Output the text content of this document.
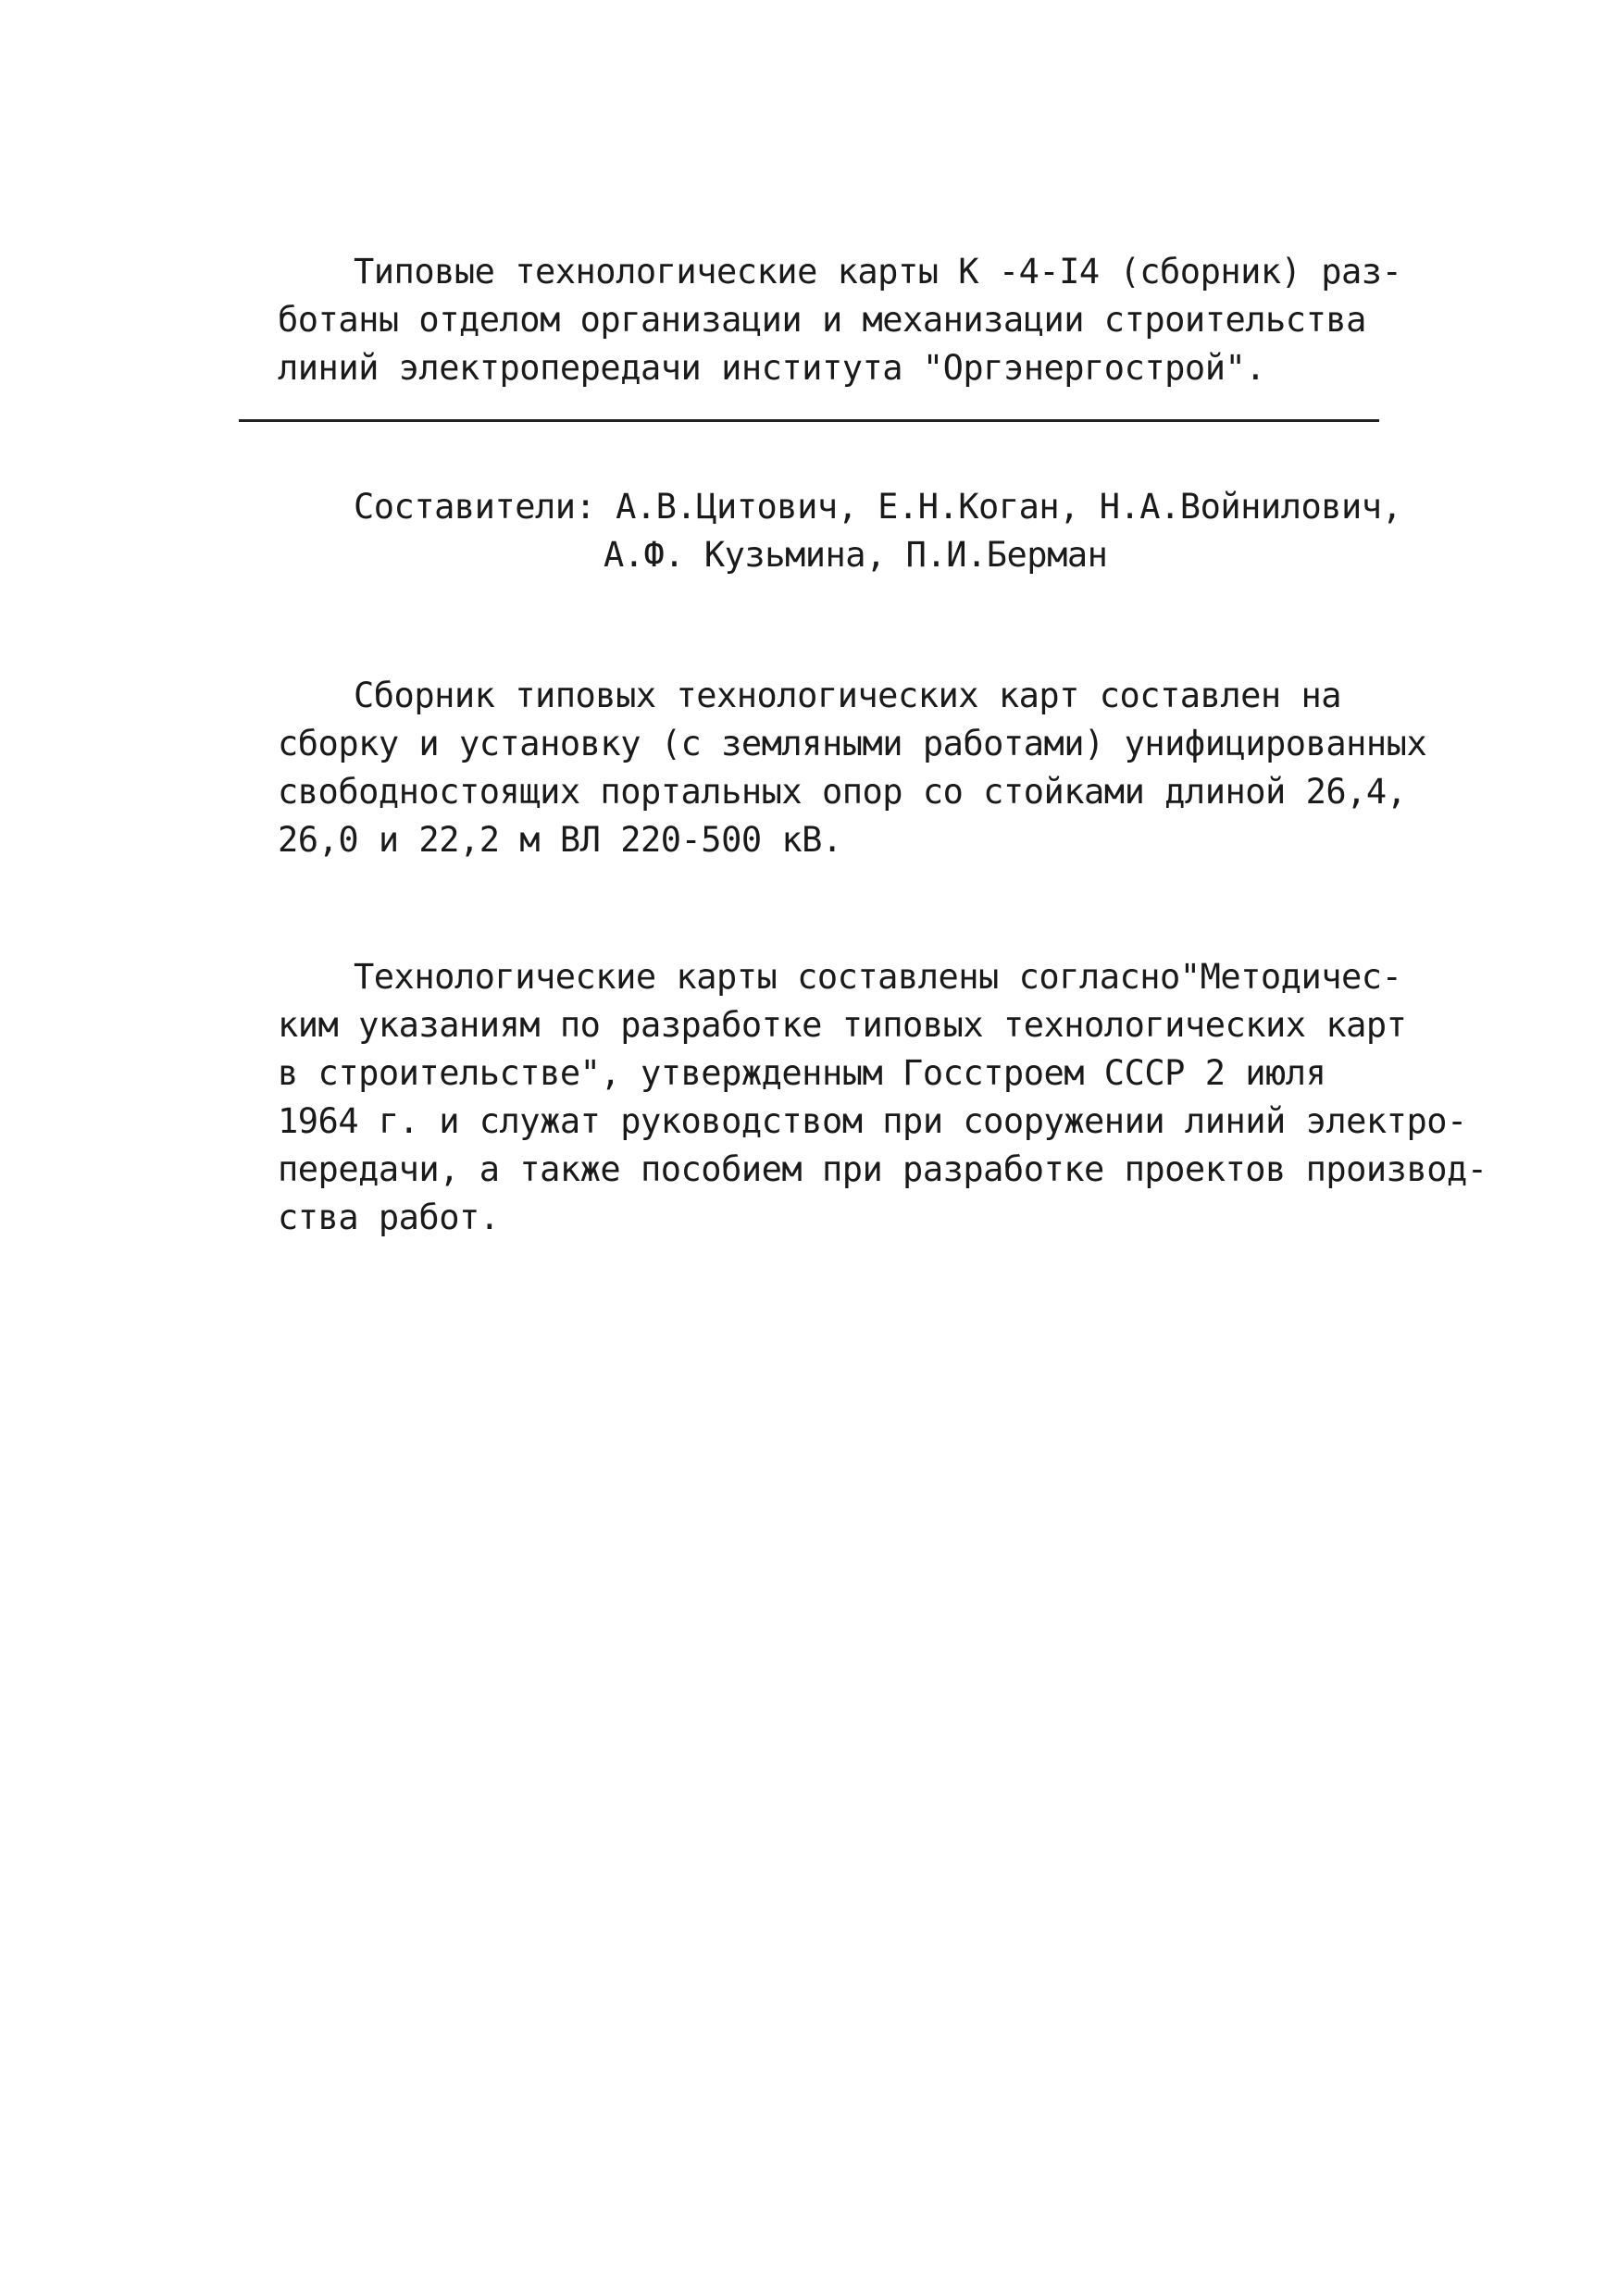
Типовые технологические карты К -4-I4 (сборник) раз-
ботаны отделом организации и механизации строительства
линий электропередачи института "Оргэнергострой".
Составители: А.В.Цитович, Е.Н.Коган, Н.А.Войнилович,
А.Ф. Кузьмина, П.И.Берман
Сборник типовых технологических карт составлен на
сборку и установку (с земляными работами) унифицированных
свободностоящих портальных опор со стойками длиной 26,4,
26,0 и 22,2 м ВЛ 220-500 кВ.
Технологические карты составлены согласно"Методичес-
ким указаниям по разработке типовых технологических карт
в строительстве", утвержденным Госстроем СССР 2 июля
1964 г. и служат руководством при сооружении линий электро-
передачи, а также пособием при разработке проектов производ-
ства работ.
